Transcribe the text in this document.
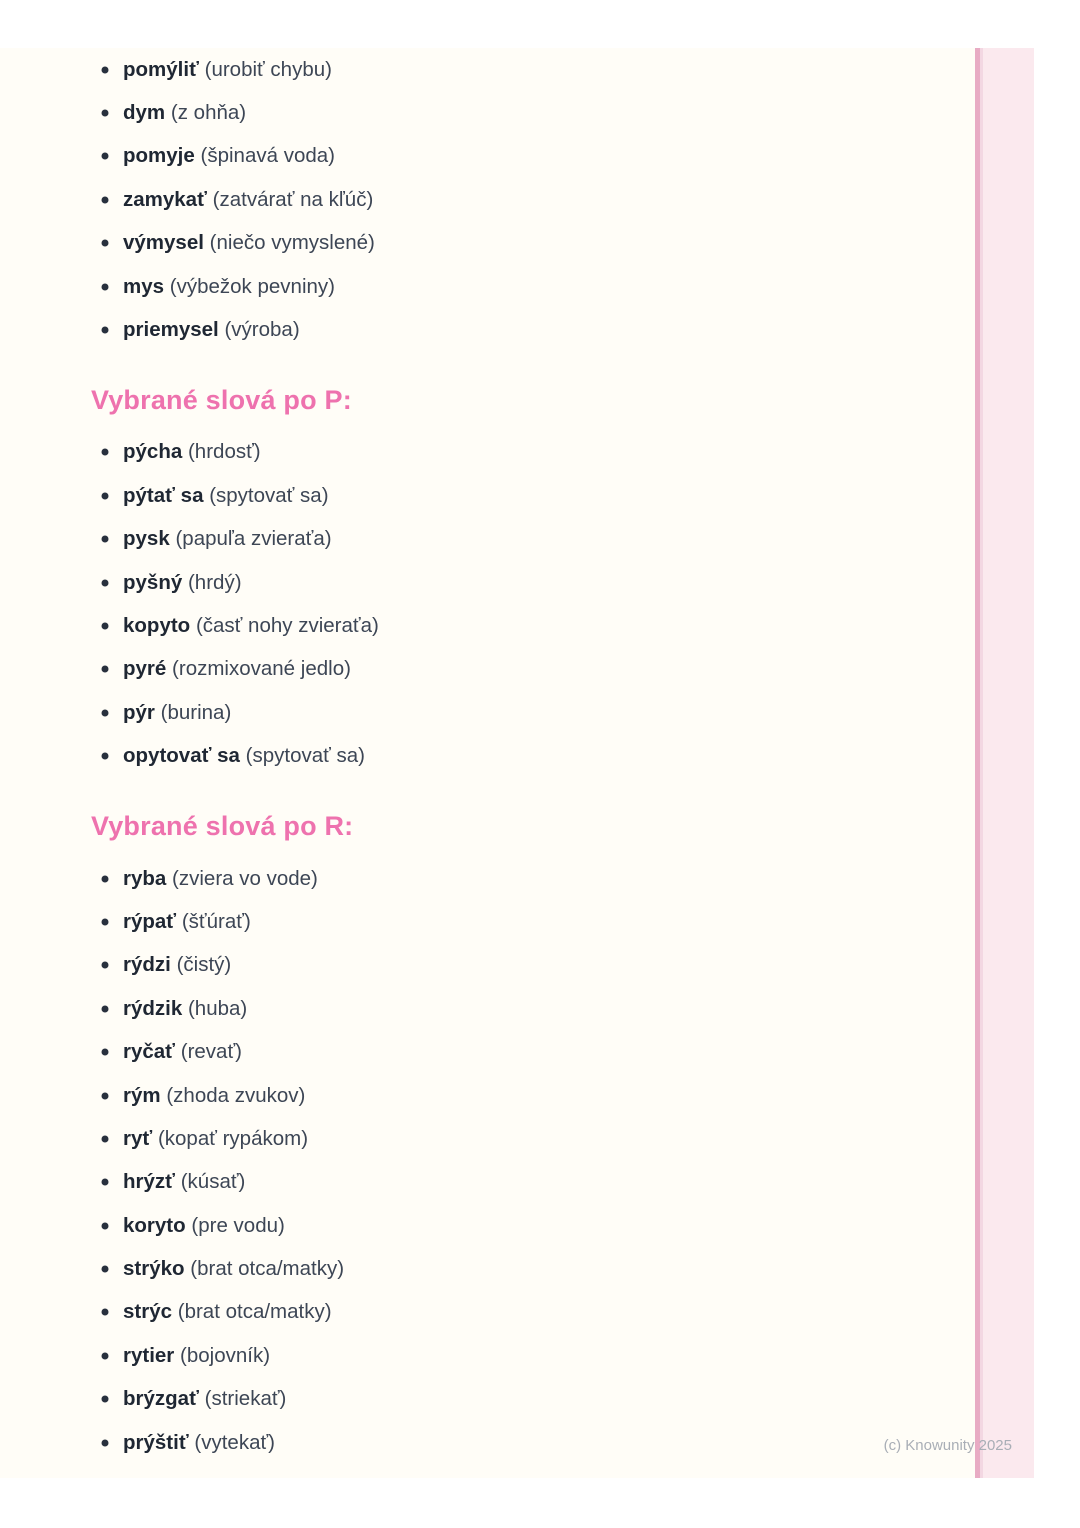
pomýliť (urobiť chybu)
dym (z ohňa)
pomyje (špinavá voda)
zamykať (zatvárať na kľúč)
výmysel (niečo vymyslené)
mys (výbežok pevniny)
priemysel (výroba)
Vybrané slová po P:
pýcha (hrdosť)
pýtať sa (spytovať sa)
pysk (papuľa zvieraťa)
pyšný (hrdý)
kopyto (časť nohy zvieraťa)
pyré (rozmixované jedlo)
pýr (burina)
opytovať sa (spytovať sa)
Vybrané slová po R:
ryba (zviera vo vode)
rýpať (šťúrať)
rýdzi (čistý)
rýdzik (huba)
ryčať (revať)
rým (zhoda zvukov)
ryť (kopať rypákom)
hrýzť (kúsať)
koryto (pre vodu)
strýko (brat otca/matky)
strýc (brat otca/matky)
rytier (bojovník)
brýzgať (striekať)
prýštiť (vytekať)	(c) Knowunity 2025
